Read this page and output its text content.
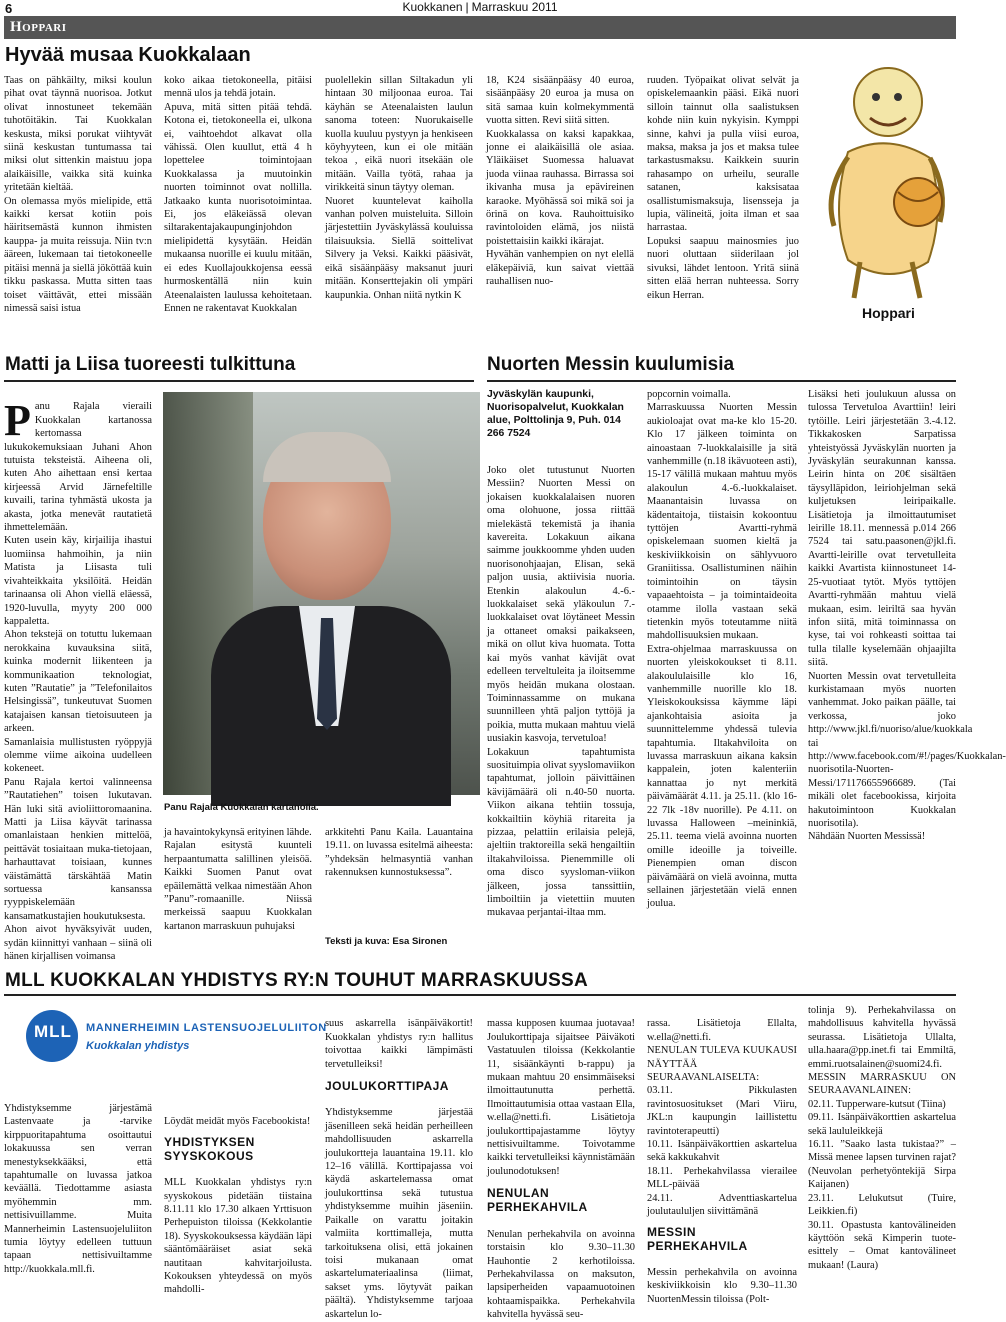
6	Kuokkanen | Marraskuu 2011
Hoppari
Hyvää musaa Kuokkalaan
Taas on pähkäilty, miksi koulun pihat ovat täynnä nuorisoa. Jotkut olivat innostuneet tekemään tuhotöitäkin. Tai Kuokkalan keskusta, miksi porukat viihtyvät siinä keskustan tuntumassa tai miksi olut sittenkin maistuu jopa alaikäisille, vaikka sitä kuinka yritetään kieltää.
On olemassa myös mielipide, että kaikki kersat kotiin pois häiritsemästä kunnon ihmisten kauppa- ja muita reissuja. Niin tv:n ääreen, lukemaan tai tietokoneelle pitäisi mennä ja siellä jököttää kuin tikku paskassa. Mutta sitten taas toiset väittävät, ettei missään nimessä saisi istua
koko aikaa tietokoneella, pitäisi mennä ulos ja tehdä jotain.
Apuva, mitä sitten pitää tehdä. Kotona ei, tietokoneella ei, ulkona ei, vaihtoehdot alkavat olla vähissä. Olen kuullut, että 4 h lopettelee toimintojaan Kuokkalassa ja muutoinkin nuorten toiminnot ovat nollilla. Jatkaako kunta nuorisotoimintaa. Ei, jos eläkeiässä olevan siltarakentajakaupunginjohdon mielipidettä kysytään. Heidän mukaansa nuorille ei kuulu mitään, ei edes Kuollajoukkojensa eessä hurmoskentällä niin kuin Ateenalaisten laulussa kehoitetaan. Ennen ne rakentavat Kuokkalan
puolellekin sillan Siltakadun yli hintaan 30 miljoonaa euroa. Tai käyhän se Ateenalaisten laulun sanoma toteen: Nuorukaiselle kuolla kuuluu pystyyn ja henkiseen köyhyyteen, kun ei ole mitään tekoa , eikä nuori itsekään ole mitään. Vailla työtä, rahaa ja virikkeitä sinun täytyy oleman.
Nuoret kuuntelevat kaiholla vanhan polven muisteluita. Silloin järjestettiin Jyväskylässä kouluissa tilaisuuksia. Siellä soittelivat Silvery ja Veksi. Kaikki pääsivät, eikä sisäänpääsy maksanut juuri mitään. Konserttejakin oli ympäri kaupunkia. Onhan niitä nytkin K
18, K24 sisäänpääsy 40 euroa, sisäänpääsy 20 euroa ja musa on sitä samaa kuin kolmekymmentä vuotta sitten. Revi siitä sitten.
Kuokkalassa on kaksi kapakkaa, jonne ei alaikäisillä ole asiaa. Yläikäiset Suomessa haluavat juoda viinaa rauhassa. Birrassa soi ikivanha musa ja epävireinen karaoke. Myöhässä soi mikä soi ja örinä on kova. Rauhoittuisiko ravintoloiden elämä, jos niistä poistettaisiin kaikki ikärajat.
Hyvähän vanhempien on nyt elellä eläkepäiviä, kun saivat viettää rauhallisen nuo-
ruuden. Työpaikat olivat selvät ja opiskelemaankin pääsi. Eikä nuori silloin tainnut olla saalistuksen kohde niin kuin nykyisin. Kymppi sinne, kahvi ja pulla viisi euroa, maksa, maksa ja jos et maksa tulee tarkastusmaksu. Kaikkein suurin rahasampo on urheilu, seuralle satanen, kaksisataa osallistumismaksuja, lisensseja ja lupia, välineitä, joita ilman et saa harrastaa.
Lopuksi saapuu mainosmies juo nuori oluttaan siiderilaan jol sivuksi, lähdet lentoon. Yritä siinä sitten elää herran nuhteessa. Sorry eikun Herran.
Hoppari
Matti ja Liisa tuoreesti tulkittuna

Panu Rajala vieraili Kuokkalan kartanossa kertomassa lukukokemuksiaan Juhani Ahon tutuista teksteistä. Aiheena oli, kuten Aho aihettaan ensi kertaa kirjeessä Arvid Järnefeltille kuvaili, tarina tyhmästä ukosta ja akasta, jotka menevät rautatietä ihmettelemään.
Kuten usein käy, kirjailija ihastui luomiinsa hahmoihin, ja niin Matista ja Liisasta tuli vivahteikkaita yksilöitä. Heidän tarinaansa oli Ahon viellä eläessä, 1920-luvulla, myyty 200 000 kappaletta.
Ahon tekstejä on totuttu lukemaan nerokkaina kuvauksina siitä, kuinka modernit liikenteen ja kommunikaation teknologiat, kuten ”Rautatie” ja ”Telefonilaitos Helsingissä”, tunkeutuvat Suomen katajaisen kansan tietoisuuteen ja arkeen.
Samanlaisia mullistusten ryöppyjä olemme viime aikoina uudelleen kokeneet.
Panu Rajala kertoi valinneensa ”Rautatiehen” toisen lukutavan. Hän luki sitä avioliittoromaanina. Matti ja Liisa käyvät tarinassa omanlaistaan henkien mittelöä, peittävät tosiaitaan muka-tietojaan, harhauttavat toisiaan, kunnes väistämättä tärskähtää Matin sortuessa kansanssa ryyppiskelemään kansamatkustajien houkutuksesta.
Ahon aivot hyväksyivät uuden, sydän kiinnittyi vanhaan – siinä oli hänen kirjallisen voimansa

Panu Rajala Kuokkalan kartanolla.
ja havaintokykynsä erityinen lähde.
Rajalan esitystä kuunteli herpaantumatta salillinen yleisöä. Kaikki Suomen Panut ovat epäilemättä velkaa nimestään Ahon ”Panu”-romaanille. Niissä merkeissä saapuu Kuokkalan kartanon marraskuun puhujaksi
arkkitehti Panu Kaila. Lauantaina 19.11. on luvassa esitelmä aiheesta: ”yhdeksän helmasyntiä vanhan rakennuksen kunnostuksessa”.
Teksti ja kuva: Esa Sironen
Nuorten Messin kuulumisia
Jyväskylän kaupunki, Nuorisopalvelut, Kuokkalan alue, Polttolinja 9, Puh. 014 266 7524
Joko olet tutustunut Nuorten Messiin? Nuorten Messi on jokaisen kuokkalalaisen nuoren oma olohuone, jossa riittää mielekästä tekemistä ja ihania kavereita. Lokakuun aikana saimme joukkoomme yhden uuden nuorisonohjaajan, Elisan, sekä paljon uusia, aktiivisia nuoria. Etenkin alakoulun 4.-6.-luokkalaiset sekä yläkoulun 7.-luokkalaiset ovat löytäneet Messin ja ottaneet omaksi paikakseen, mikä on ollut kiva huomata. Totta kai myös vanhat kävijät ovat edelleen terveltuleita ja iloitsemme myös heidän mukana olostaan. Toiminnassamme on mukana suunnilleen yhtä paljon tyttöjä ja poikia, mutta mukaan mahtuu vielä uusiakin kasvoja, tervetuloa!
Lokakuun tapahtumista suosituimpia olivat syyslomaviikon tapahtumat, jolloin päivittäinen kävijämäärä oli n.40-50 nuorta. Viikon aikana tehtiin tossuja, kokkailtiin köyhiä ritareita ja pizzaa, pelattiin erilaisia pelejä, ajeltiin traktoreilla sekä hengailtiin iltakahviloissa. Pienemmille oli oma disco syysloman-viikon jälkeen, jossa tanssittiin, limboiltiin ja vietettiin muuten mukavaa perjantai-iltaa mm.
popcornin voimalla.
Marraskuussa Nuorten Messin aukioloajat ovat ma-ke klo 15-20. Klo 17 jälkeen toiminta on ainoastaan 7-luokkalaisille ja sitä vanhemmille (n.18 ikävuoteen asti), 15-17 välillä mukaan mahtuu myös alakoulun 4.-6.-luokkalaiset. Maanantaisin luvassa on kädentaitoja, tiistaisin kokoontuu tyttöjen Avartti-ryhmä opiskelemaan suomen kieltä ja keskiviikkoisin on sählyvuoro Graniitissa. Osallistuminen näihin toimintoihin on täysin vapaaehtoista – ja toimintaideoita otamme ilolla vastaan sekä tietenkin myös toteutamme niitä mahdollisuuksien mukaan.
Extra-ohjelmaa marraskuussa on nuorten yleiskokoukset ti 8.11. alakoululaisille klo 16, vanhemmille nuorille klo 18. Yleiskokouksissa käymme läpi ajankohtaisia asioita ja suunnittelemme yhdessä tulevia tapahtumia. Iltakahviloita on luvassa marraskuun aikana kaksin kappalein, joten kalenteriin kannattaa jo nyt merkitä päivämäärät 4.11. ja 25.11. (klo 16-22 7lk -18v nuorille). Pe 4.11. on luvassa Halloween –meininkiä, 25.11. teema vielä avoinna nuorten omille ideoille ja toiveille. Pienempien oman discon päivämäärä on vielä avoinna, mutta sellainen järjestetään vielä ennen joulua.
Lisäksi heti joulukuun alussa on tulossa Tervetuloa Avarttiin! leiri tytöille. Leiri järjestetään 3.-4.12. Tikkakosken Sarpatissa yhteistyössä Jyväskylän nuorten ja Jyväskylän seurakunnan kanssa. Leirin hinta on 20€ sisältäen täysylläpidon, leiriohjelman sekä kuljetuksen leiripaikalle. Lisätietoja ja ilmoittautumiset leirille 18.11. mennessä p.014 266 7524 tai satu.paasonen@jkl.fi. Avartti-leirille ovat tervetulleita kaikki Avartista kiinnostuneet 14-25-vuotiaat tytöt. Myös tyttöjen Avartti-ryhmään mahtuu vielä mukaan, esim. leiriltä saa hyvän infon siitä, mitä toiminnassa on kyse, tai voi rohkeasti soittaa tai tulla tilalle kyselemään ohjaajilta siitä.
Nuorten Messin ovat tervetulleita kurkistamaan myös nuorten vanhemmat. Joko paikan päälle, tai verkossa, joko http://www.jkl.fi/nuoriso/alue/kuokkala tai http://www.facebook.com/#!/pages/Kuokkalan-nuorisotila-Nuorten-Messi/171176655966689. (Tai mikäli olet facebookissa, kirjoita hakutoimintoon Kuokkalan nuorisotila).
Nähdään Nuorten Messissä!
MLL KUOKKALAN YHDISTYS RY:N TOUHUT MARRASKUUSSA
MLL MANNERHEIMIN LASTENSUOJELULIITON
Kuokkalan yhdistys
Yhdistyksemme järjestämä Lastenvaate ja -tarvike kirppuoritapahtuma osoittautui lokakuussa sen verran menestyksekkääksi, että tapahtumalle on luvassa jatkoa keväällä. Tiedottamme asiasta myöhemmin mm. nettisivuillamme. Muita Mannerheimin Lastensuojeluliiton tumia löytyy edelleen tuttuun tapaan nettisivuiltamme http://kuokkala.mll.fi.

Löydät meidät myös Facebookista!

YHDISTYKSEN SYYSKOKOUS

MLL Kuokkalan yhdistys ry:n syyskokous pidetään tiistaina 8.11.11 klo 17.30 alkaen Yrttisuon Perhepuiston tiloissa (Kekkolantie 18). Syyskokouksessa käydään läpi sääntömääräiset asiat sekä nautitaan kahvitarjoilusta. Kokouksen yhteydessä on myös mahdolli-

suus askarrella isänpäiväkortit! Kuokkalan yhdistys ry:n hallitus toivottaa kaikki lämpimästi tervetulleiksi!

JOULUKORTTIPAJA

Yhdistyksemme järjestää jäsenilleen sekä heidän perheilleen mahdollisuuden askarrella joulukortteja lauantaina 19.11. klo 12–16 välillä. Korttipajassa voi käydä askartelemassa omat joulukorttinsa sekä tutustua yhdistyksemme muihin jäseniin. Paikalle on varattu joitakin valmiita korttimalleja, mutta tarkoituksena olisi, että jokainen toisi mukanaan omat askartelumateriaalinsa (liimat, sakset yms. löytyvät paikan päältä). Yhdistyksemme tarjoaa askartelun lo-

massa kupposen kuumaa juotavaa! Joulukorttipaja sijaitsee Päiväkoti Vastatuulen tiloissa (Kekkolantie 11, sisäänkäynti b-rappu) ja mukaan mahtuu 20 ensimmäiseksi ilmoittautunutta perhettä. Ilmoittautumisia ottaa vastaan Ella, w.ella@netti.fi. Lisätietoja joulukorttipajastamme löytyy nettisivuiltamme. Toivotamme kaikki tervetulleiksi käynnistämään joulunodotuksen!

NENULAN PERHEKAHVILA

Nenulan perhekahvila on avoinna torstaisin klo 9.30–11.30 Hauhontie 2 kerhotiloissa. Perhekahvilassa on maksuton, lapsiperheiden vapaamuotoinen kohtaamispaikka. Perhekahvila kahvitella hyvässä seu-

rassa. Lisätietoja Ellalta, w.ella@netti.fi.
NENULAN TULEVA KUUKAUSI NÄYTTÄÄ SEURAAVANLAISELTA:
03.11. Pikkulasten ravintosuositukset (Mari Viiru, JKL:n kaupungin laillistettu ravintoterapeutti)
10.11. Isänpäiväkorttien askartelua sekä kakkukahvit
18.11. Perhekahvilassa vierailee MLL-päivää
24.11. Adventtiaskartelua joulutaululjen siivittämänä

MESSIN PERHEKAHVILA

Messin perhekahvila on avoinna keskiviikkoisin klo 9.30–11.30 NuortenMessin tiloissa (Polt-

tolinja 9). Perhekahvilassa on mahdollisuus kahvitella hyvässä seurassa. Lisätietoja Ullalta, ulla.haara@pp.inet.fi tai Emmiltä, emmi.ruotsalainen@suomi24.fi.
MESSIN MARRASKUU ON SEURAAVANLAINEN:
02.11. Tupperware-kutsut (Tiina)
09.11. Isänpäiväkorttien askartelua sekä laululeikkejä
16.11. ”Saako lasta tukistaa?” – Missä menee lapsen turvinen rajat? (Neuvolan perhetyöntekijä Sirpa Kaijanen)
23.11. Lelukutsut (Tuire, Leikkien.fi)
30.11. Opastusta kantovälineiden käyttöön sekä Kimperin tuote-esittely – Omat kantovälineet mukaan! (Laura)
